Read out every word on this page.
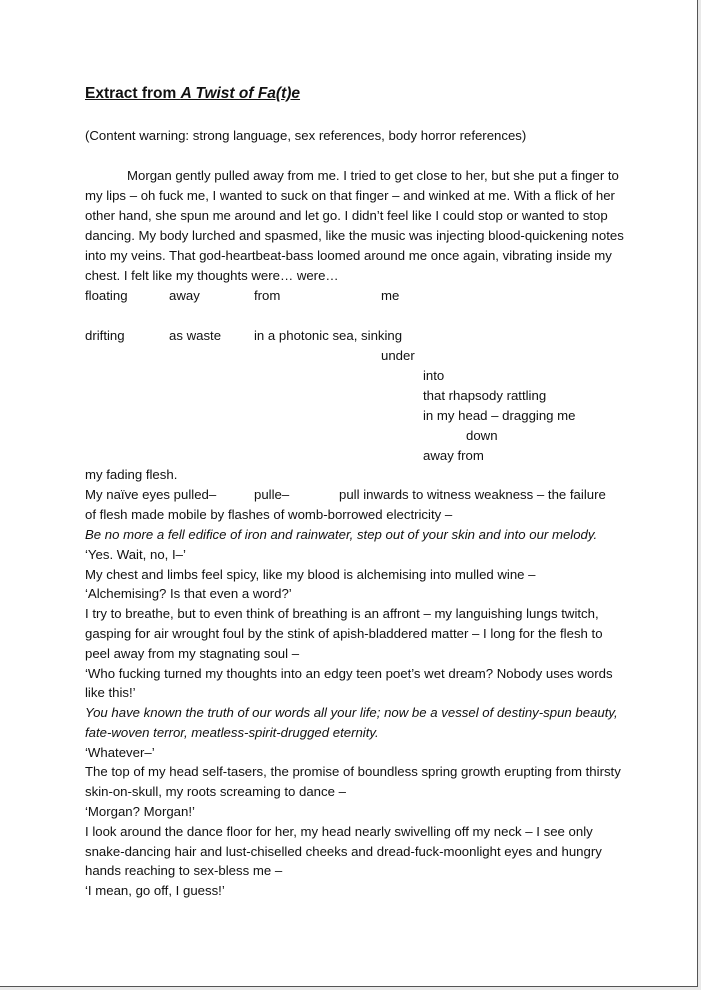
Extract from A Twist of Fa(t)e
(Content warning: strong language, sex references, body horror references)
Morgan gently pulled away from me. I tried to get close to her, but she put a finger to
my lips – oh fuck me, I wanted to suck on that finger – and winked at me. With a flick of her
other hand, she spun me around and let go. I didn’t feel like I could stop or wanted to stop
dancing. My body lurched and spasmed, like the music was injecting blood-quickening notes
into my veins. That god-heartbeat-bass loomed around me once again, vibrating inside my
chest. I felt like my thoughts were… were…
floating	away	from	me
drifting	as waste in a photonic sea, sinking
under
into
that rhapsody rattling
in my head – dragging me
down
away from
my fading flesh.
My naïve eyes pulled–	pulle–	pull inwards to witness weakness – the failure
of flesh made mobile by flashes of womb-borrowed electricity –
Be no more a fell edifice of iron and rainwater, step out of your skin and into our melody.
‘Yes. Wait, no, I–’
My chest and limbs feel spicy, like my blood is alchemising into mulled wine –
‘Alchemising? Is that even a word?’
I try to breathe, but to even think of breathing is an affront – my languishing lungs twitch,
gasping for air wrought foul by the stink of apish-bladdered matter – I long for the flesh to
peel away from my stagnating soul –
‘Who fucking turned my thoughts into an edgy teen poet’s wet dream? Nobody uses words
like this!’
You have known the truth of our words all your life; now be a vessel of destiny-spun beauty,
fate-woven terror, meatless-spirit-drugged eternity.
‘Whatever–’
The top of my head self-tasers, the promise of boundless spring growth erupting from thirsty
skin-on-skull, my roots screaming to dance –
‘Morgan? Morgan!’
I look around the dance floor for her, my head nearly swivelling off my neck – I see only
snake-dancing hair and lust-chiselled cheeks and dread-fuck-moonlight eyes and hungry
hands reaching to sex-bless me –
‘I mean, go off, I guess!’
